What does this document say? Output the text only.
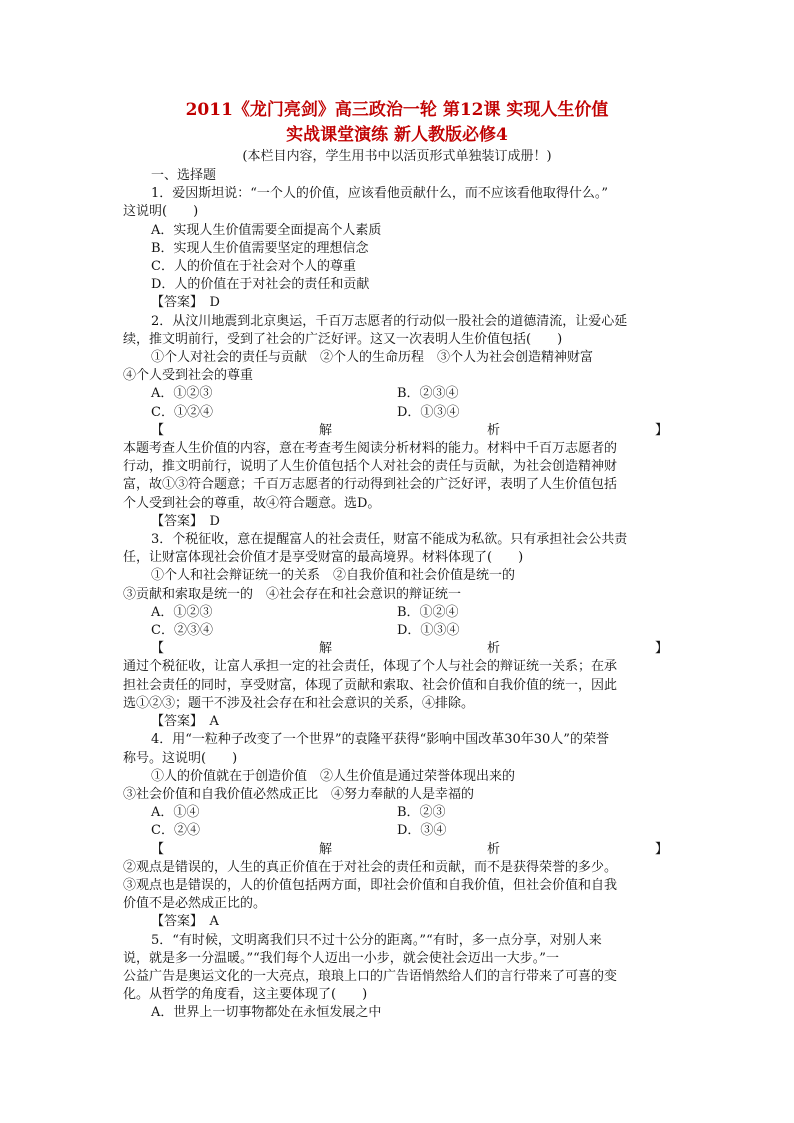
2011《龙门亮剑》高三政治一轮 第12课 实现人生价值
实战课堂演练 新人教版必修4
(本栏目内容，学生用书中以活页形式单独装订成册！)

一、选择题

1．爱因斯坦说：“一个人的价值，应该看他贡献什么，而不应该看他取得什么。”

这说明(　　)

A．实现人生价值需要全面提高个人素质

B．实现人生价值需要坚定的理想信念

C．人的价值在于社会对个人的尊重

D．人的价值在于对社会的责任和贡献

【答案】　D

2．从汶川地震到北京奥运，千百万志愿者的行动似一股社会的道德清流，让爱心延

续，推文明前行，受到了社会的广泛好评。这又一次表明人生价值包括(　　)

①个人对社会的责任与贡献　②个人的生命历程　③个人为社会创造精神财富

④个人受到社会的尊重

A．①②③	B．②③④
C．①②④	D．①③④
【	解	析	】

本题考查人生价值的内容，意在考查考生阅读分析材料的能力。材料中千百万志愿者的

行动，推文明前行，说明了人生价值包括个人对社会的责任与贡献，为社会创造精神财

富，故①③符合题意；千百万志愿者的行动得到社会的广泛好评，表明了人生价值包括

个人受到社会的尊重，故④符合题意。选D。

【答案】　D

3．个税征收，意在提醒富人的社会责任，财富不能成为私欲。只有承担社会公共责

任，让财富体现社会价值才是享受财富的最高境界。材料体现了(　　)

①个人和社会辩证统一的关系　②自我价值和社会价值是统一的

③贡献和索取是统一的　④社会存在和社会意识的辩证统一

A．①②③	B．①②④
C．②③④	D．①③④
【	解	析	】

通过个税征收，让富人承担一定的社会责任，体现了个人与社会的辩证统一关系；在承

担社会责任的同时，享受财富，体现了贡献和索取、社会价值和自我价值的统一，因此

选①②③；题干不涉及社会存在和社会意识的关系，④排除。

【答案】　A

4．用“一粒种子改变了一个世界”的袁隆平获得“影响中国改革30年30人”的荣誉

称号。这说明(　　)

①人的价值就在于创造价值　②人生价值是通过荣誉体现出来的

③社会价值和自我价值必然成正比　④努力奉献的人是幸福的

A．①④	B．②③
C．②④	D．③④
【	解	析	】

②观点是错误的，人生的真正价值在于对社会的责任和贡献，而不是获得荣誉的多少。

③观点也是错误的，人的价值包括两方面，即社会价值和自我价值，但社会价值和自我

价值不是必然成正比的。

【答案】　A

5．“有时候，文明离我们只不过十公分的距离。”“有时，多一点分享，对别人来

说，就是多一分温暖。”“我们每个人迈出一小步，就会使社会迈出一大步。”一

公益广告是奥运文化的一大亮点，琅琅上口的广告语悄然给人们的言行带来了可喜的变

化。从哲学的角度看，这主要体现了(　　)

A．世界上一切事物都处在永恒发展之中
